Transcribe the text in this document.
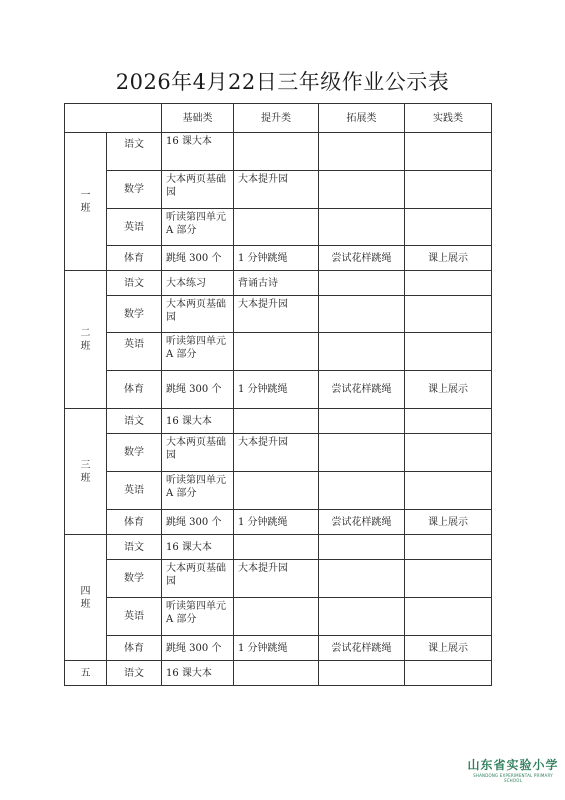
2026年4月22日三年级作业公示表
		基础类	提升类	拓展类	实践类

一
班	语文	16 课大本			
	数学	大本两页基础园	大本提升园		
	英语	听读第四单元 A 部分			
	体育	跳绳 300 个	1 分钟跳绳	尝试花样跳绳	课上展示

二
班	语文	大本练习	背诵古诗		
	数学	大本两页基础园	大本提升园		
	英语	听读第四单元 A 部分			
	体育	跳绳 300 个	1 分钟跳绳	尝试花样跳绳	课上展示

三
班	语文	16 课大本			
	数学	大本两页基础园	大本提升园		
	英语	听读第四单元 A 部分			
	体育	跳绳 300 个	1 分钟跳绳	尝试花样跳绳	课上展示

四
班	语文	16 课大本			
	数学	大本两页基础园	大本提升园		
	英语	听读第四单元 A 部分			
	体育	跳绳 300 个	1 分钟跳绳	尝试花样跳绳	课上展示

五	语文	16 课大本			
山东省实验小学
SHANDONG EXPERIMENTAL PRIMARY SCHOOL
